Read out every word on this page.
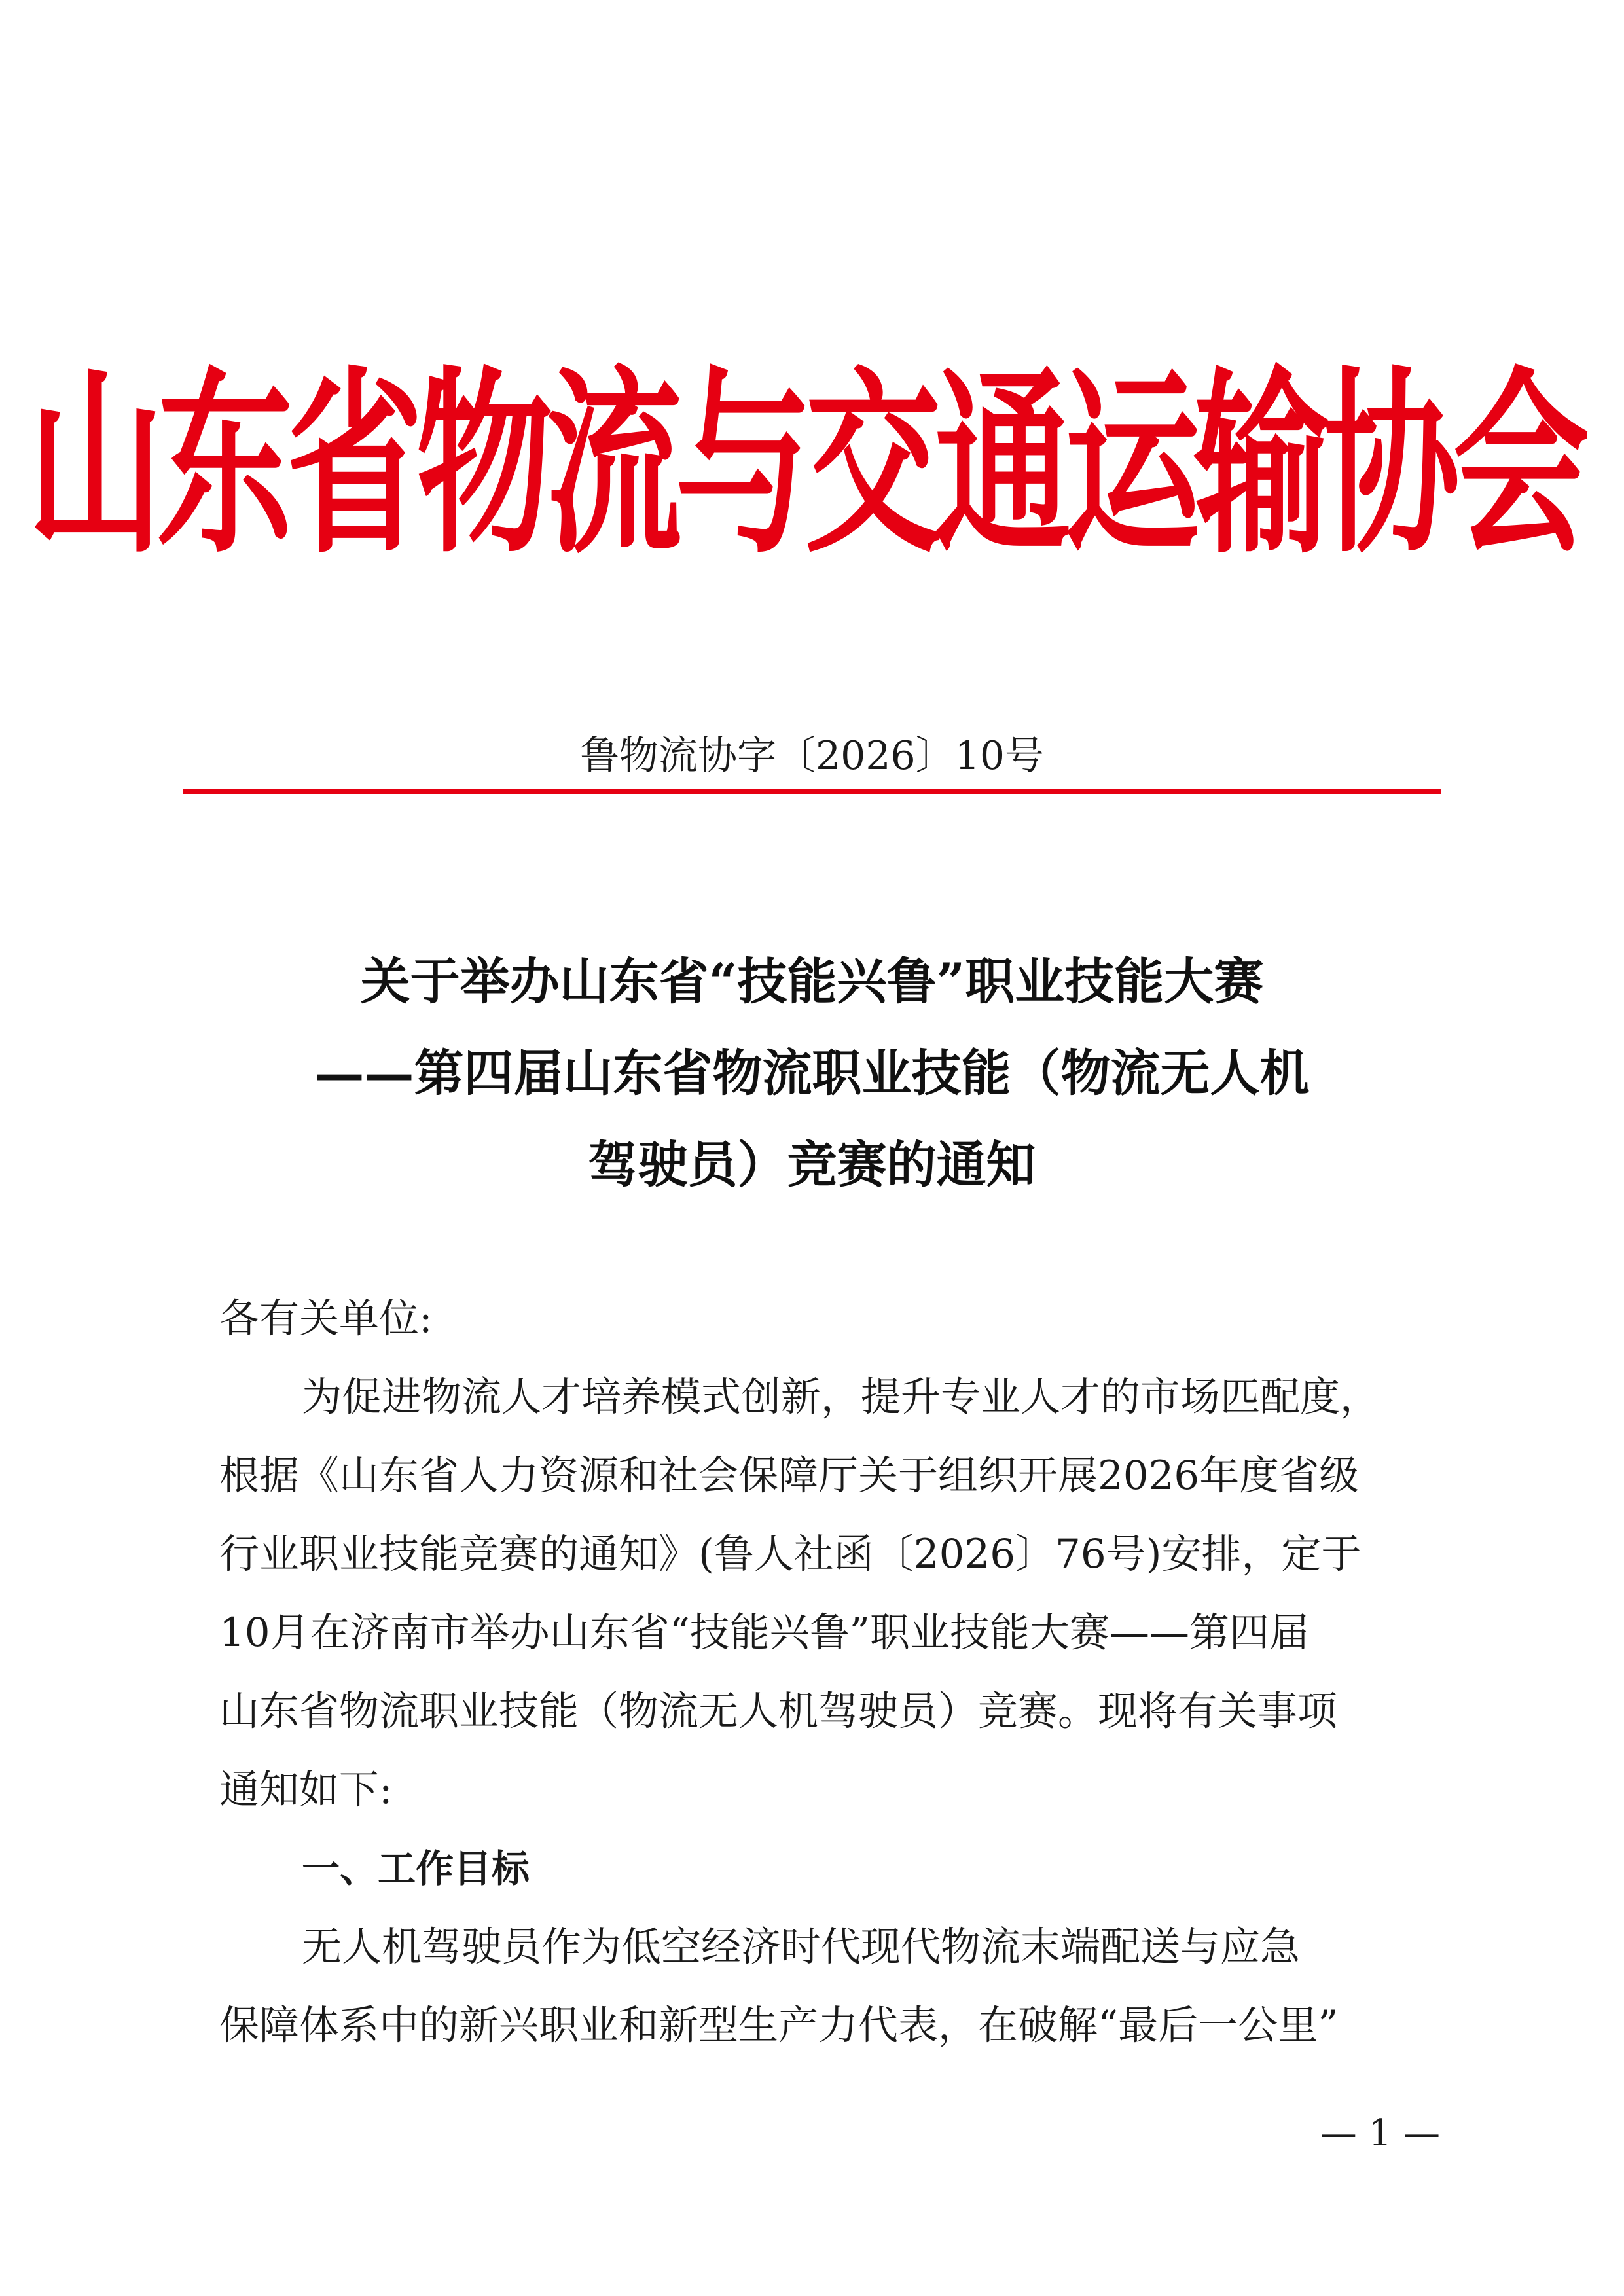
山东省物流与交通运输协会
鲁物流协字〔2026〕10号
关于举办山东省“技能兴鲁”职业技能大赛
——第四届山东省物流职业技能（物流无人机
驾驶员）竞赛的通知
各有关单位:
为促进物流人才培养模式创新，提升专业人才的市场匹配度，
根据《山东省人力资源和社会保障厅关于组织开展2026年度省级
行业职业技能竞赛的通知》(鲁人社函〔2026〕76号)安排，定于
10月在济南市举办山东省“技能兴鲁”职业技能大赛——第四届
山东省物流职业技能（物流无人机驾驶员）竞赛。现将有关事项
通知如下:
一、工作目标
无人机驾驶员作为低空经济时代现代物流末端配送与应急
保障体系中的新兴职业和新型生产力代表，在破解“最后一公里”
— 1 —
